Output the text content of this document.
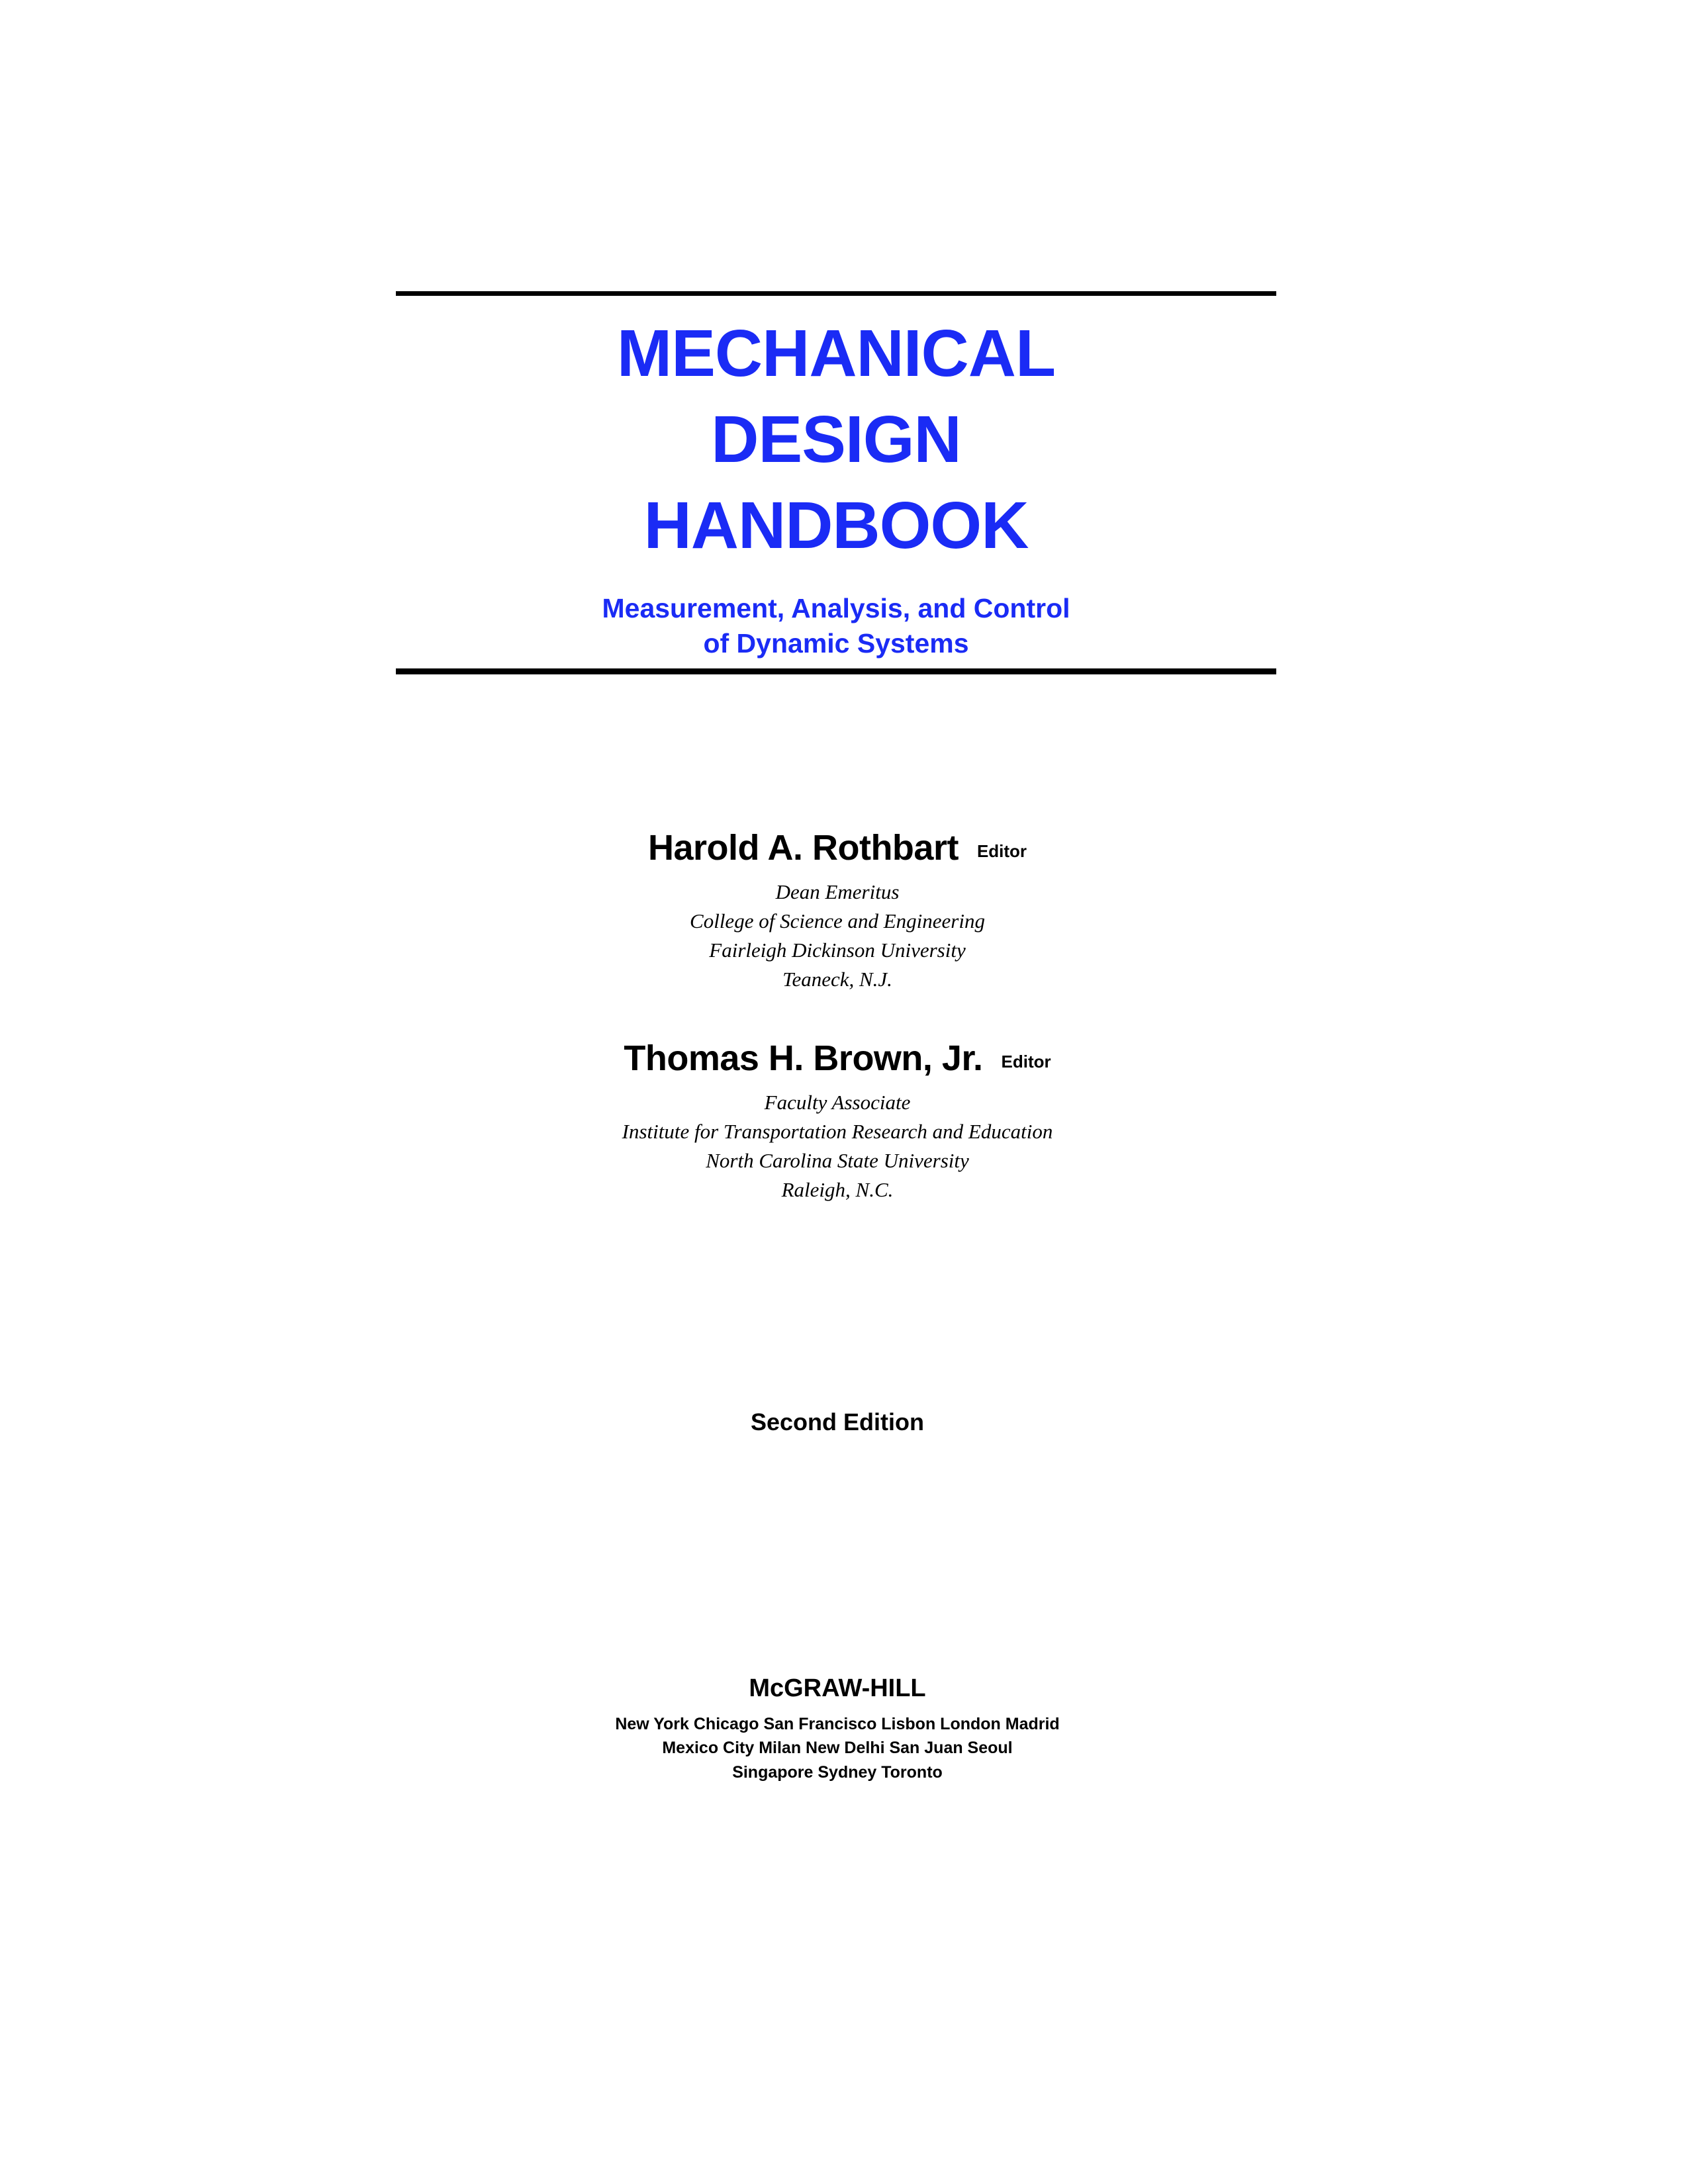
MECHANICAL
DESIGN
HANDBOOK
Measurement, Analysis, and Control
of Dynamic Systems
Harold A. Rothbart Editor
Dean Emeritus
College of Science and Engineering
Fairleigh Dickinson University
Teaneck, N.J.
Thomas H. Brown, Jr. Editor
Faculty Associate
Institute for Transportation Research and Education
North Carolina State University
Raleigh, N.C.
Second Edition
McGRAW-HILL
New York Chicago San Francisco Lisbon London Madrid
Mexico City Milan New Delhi San Juan Seoul
Singapore Sydney Toronto
